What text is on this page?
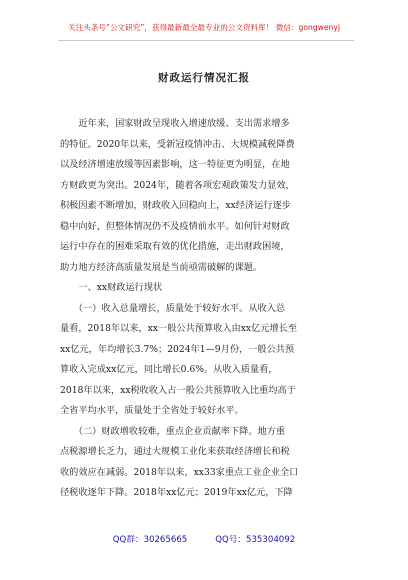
关注头条号“公文研究”，获得最新最全最专业的公文资料库！ 微信：gongwenyj
财政运行情况汇报
　　近年来，国家财政呈现收入增速放缓、支出需求增多
的特征。2020年以来，受新冠疫情冲击、大规模减税降费
以及经济增速放缓等因素影响，这一特征更为明显，在地
方财政更为突出。2024年，随着各项宏观政策发力显效，
积极因素不断增加，财政收入回稳向上，xx经济运行逐步
稳中向好，但整体情况仍不及疫情前水平。如何针对财政
运行中存在的困难采取有效的优化措施，走出财政困境，
助力地方经济高质量发展是当前亟需破解的课题。
　　一、xx财政运行现状
　　（一）收入总量增长，质量处于较好水平。从收入总
量看，2018年以来，xx一般公共预算收入由xx亿元增长至
xx亿元，年均增长3.7%；2024年1—9月份，一般公共预
算收入完成xx亿元，同比增长0.6%。从收入质量看，
2018年以来，xx税收收入占一般公共预算收入比重均高于
全省平均水平，质量处于全省处于较好水平。
　　（二）财政增收较难，重点企业贡献率下降。地方重
点税源增长乏力，通过大规模工业化来获取经济增长和税
收的效应在减弱。2018年以来，xx33家重点工业企业全口
径税收逐年下降。2018年xx亿元；2019年xx亿元，下降
QQ群：30265665	QQ号：535304092
